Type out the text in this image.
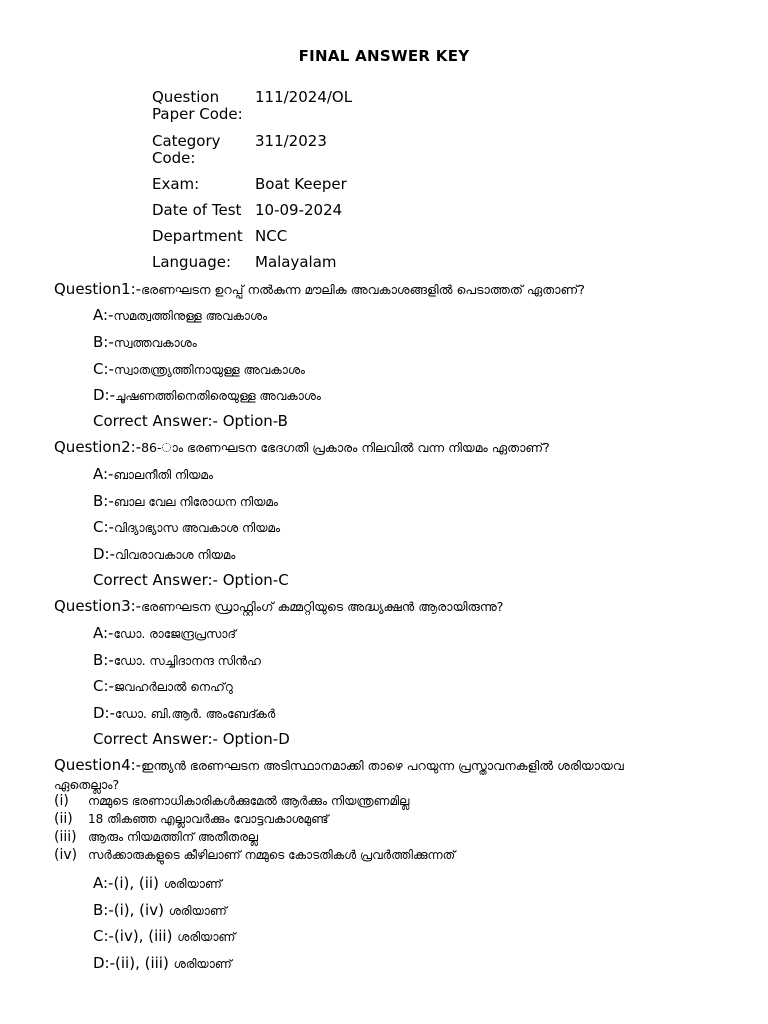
FINAL ANSWER KEY
Question Paper Code:
111/2024/OL
Category Code:
311/2023
Exam:	Boat Keeper
Date of Test 10-09-2024
Department NCC
Language:	Malayalam
Question1:-ഭരണഘടന ഉറപ്പ് നൽകുന്ന മൗലിക അവകാശങ്ങളിൽ പെടാത്തത് ഏതാണ്?
A:-സമത്വത്തിനുള്ള അവകാശം
B:-സ്വത്തവകാശം
C:-സ്വാതന്ത്ര്യത്തിനായുള്ള അവകാശം
D:-ചൂഷണത്തിനെതിരെയുള്ള അവകാശം
Correct Answer:- Option-B
Question2:-86-ാം ഭരണഘടന ഭേദഗതി പ്രകാരം നിലവിൽ വന്ന നിയമം ഏതാണ്?
A:-ബാലനീതി നിയമം
B:-ബാല വേല നിരോധന നിയമം
C:-വിദ്യാഭ്യാസ അവകാശ നിയമം
D:-വിവരാവകാശ നിയമം
Correct Answer:- Option-C
Question3:-ഭരണഘടന ഡ്രാഫ്റ്റിംഗ് കമ്മറ്റിയുടെ അദ്ധ്യക്ഷൻ ആരായിരുന്നു?
A:-ഡോ. രാജേന്ദ്രപ്രസാദ്
B:-ഡോ. സച്ചിദാനന്ദ സിൻഹ
C:-ജവഹർലാൽ നെഹ്‌റു
D:-ഡോ. ബി.ആർ. അംബേദ്കർ
Correct Answer:- Option-D
Question4:-ഇന്ത്യൻ ഭരണഘടന അടിസ്ഥാനമാക്കി താഴെ പറയുന്ന പ്രസ്താവനകളിൽ ശരിയായവ
ഏതെല്ലാം?
(i) നമ്മുടെ ഭരണാധികാരികൾക്കുമേൽ ആർക്കും നിയന്ത്രണമില്ല
(ii) 18 തികഞ്ഞ എല്ലാവർക്കും വോട്ടവകാശമുണ്ട്
(iii) ആരും നിയമത്തിന് അതീതരല്ല
(iv) സർക്കാരുകളുടെ കീഴിലാണ് നമ്മുടെ കോടതികൾ പ്രവർത്തിക്കുന്നത്
A:-(i), (ii) ശരിയാണ്
B:-(i), (iv) ശരിയാണ്
C:-(iv), (iii) ശരിയാണ്
D:-(ii), (iii) ശരിയാണ്
